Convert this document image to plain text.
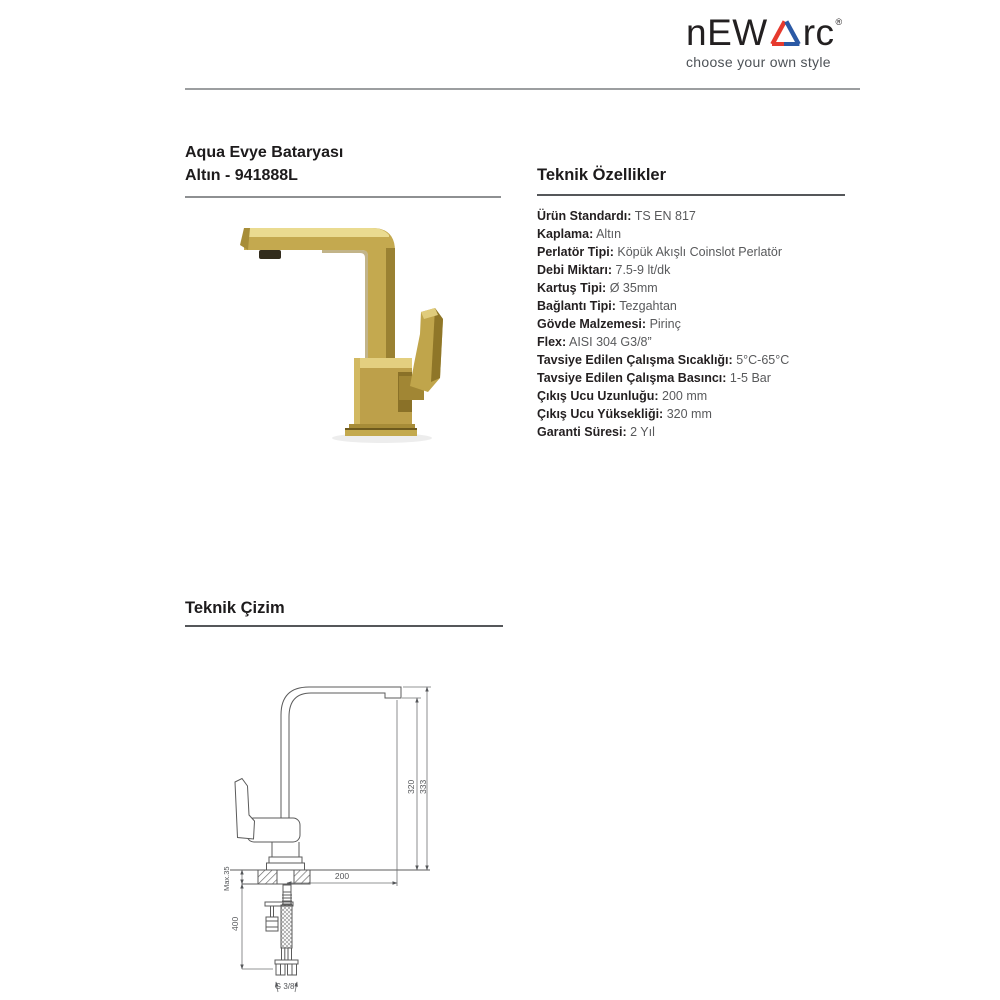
nEW rc ®
choose your own style
Aqua Evye Bataryası
Altın - 941888L	Teknik Özellikler
Ürün Standardı: TS EN 817
Kaplama: Altın
Perlatör Tipi: Köpük Akışlı Coinslot Perlatör
Debi Miktarı: 7.5-9 lt/dk
Kartuş Tipi: Ø 35mm
Bağlantı Tipi: Tezgahtan
Gövde Malzemesi: Pirinç
Flex: AISI 304 G3/8”
Tavsiye Edilen Çalışma Sıcaklığı: 5°C-65°C
Tavsiye Edilen Çalışma Basıncı: 1-5 Bar
Çıkış Ucu Uzunluğu: 200 mm
Çıkış Ucu Yüksekliği: 320 mm
Garanti Süresi: 2 Yıl
Teknik Çizim
320 333
200
Max.35
400
G 3/8”
